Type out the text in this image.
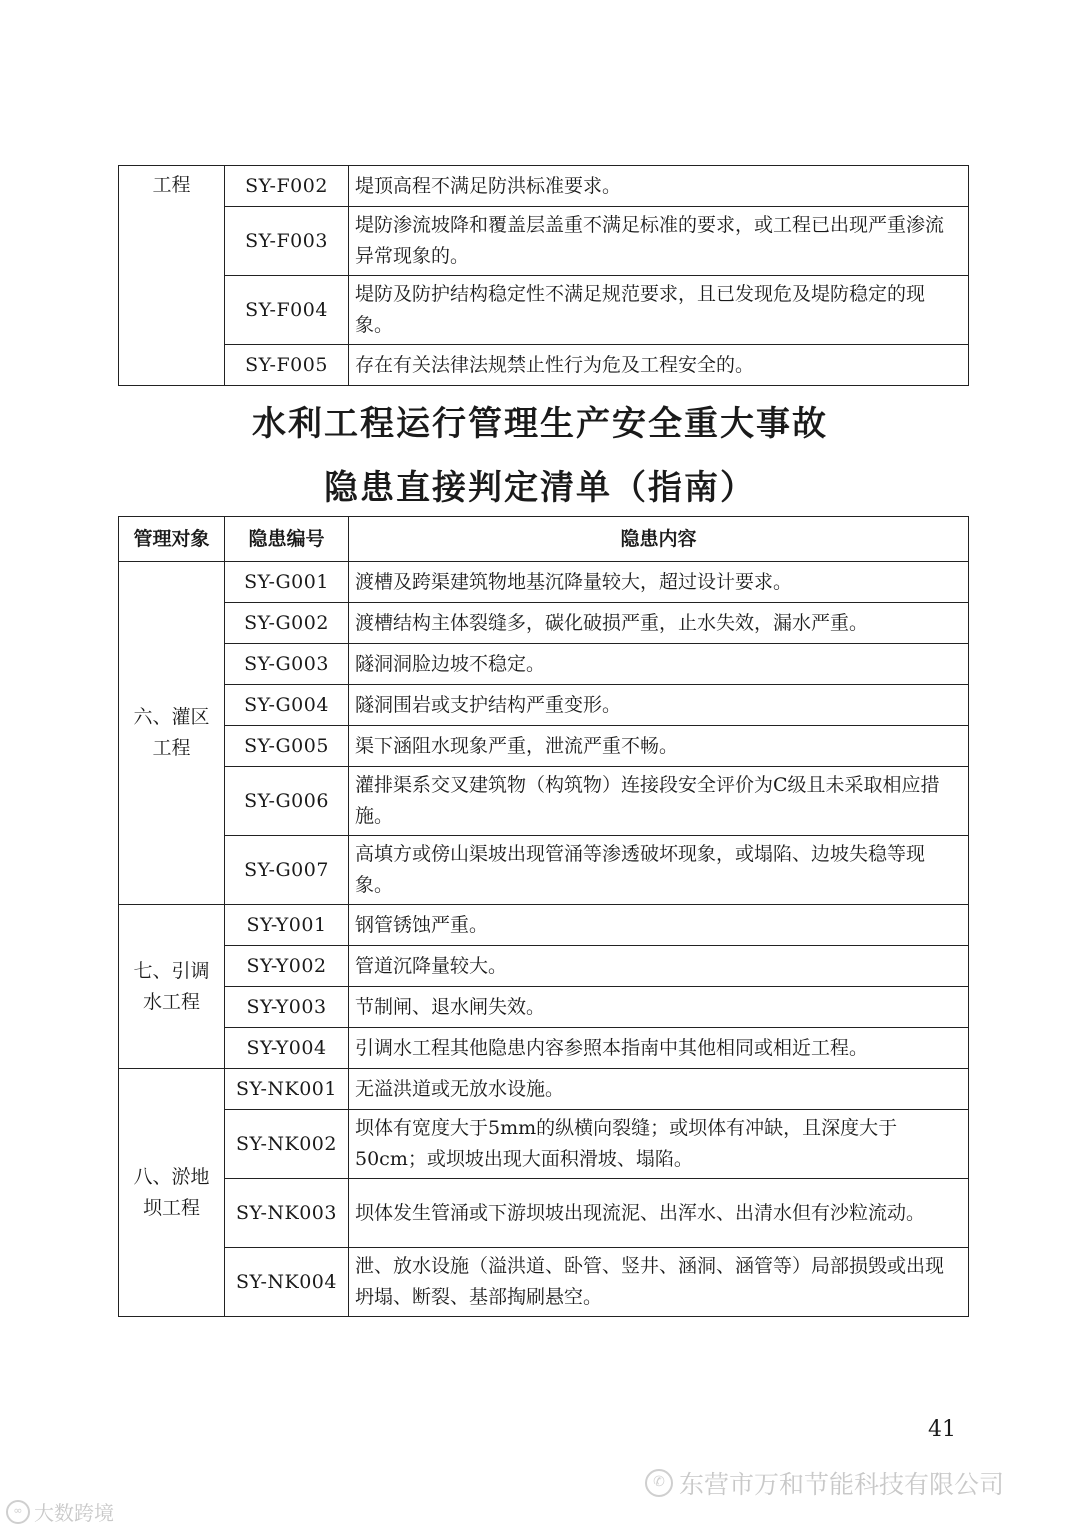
工程	SY-F002	堤顶高程不满足防洪标准要求。
	SY-F003	堤防渗流坡降和覆盖层盖重不满足标准的要求，或工程已出现严重渗流异常现象的。
	SY-F004	堤防及防护结构稳定性不满足规范要求，且已发现危及堤防稳定的现象。
	SY-F005	存在有关法律法规禁止性行为危及工程安全的。
水利工程运行管理生产安全重大事故
隐患直接判定清单（指南）
管理对象	隐患编号	隐患内容
六、灌区工程	SY-G001	渡槽及跨渠建筑物地基沉降量较大，超过设计要求。
	SY-G002	渡槽结构主体裂缝多，碳化破损严重，止水失效，漏水严重。
	SY-G003	隧洞洞脸边坡不稳定。
	SY-G004	隧洞围岩或支护结构严重变形。
	SY-G005	渠下涵阻水现象严重，泄流严重不畅。
	SY-G006	灌排渠系交叉建筑物（构筑物）连接段安全评价为C级且未采取相应措施。
	SY-G007	高填方或傍山渠坡出现管涌等渗透破坏现象，或塌陷、边坡失稳等现象。
七、引调水工程	SY-Y001	钢管锈蚀严重。
	SY-Y002	管道沉降量较大。
	SY-Y003	节制闸、退水闸失效。
	SY-Y004	引调水工程其他隐患内容参照本指南中其他相同或相近工程。
八、淤地坝工程	SY-NK001	无溢洪道或无放水设施。
	SY-NK002	坝体有宽度大于5mm的纵横向裂缝；或坝体有冲缺，且深度大于50cm；或坝坡出现大面积滑坡、塌陷。
	SY-NK003	坝体发生管涌或下游坝坡出现流泥、出浑水、出清水但有沙粒流动。
	SY-NK004	泄、放水设施（溢洪道、卧管、竖井、涵洞、涵管等）局部损毁或出现坍塌、断裂、基部掏刷悬空。
41
✆ 东营市万和节能科技有限公司
∞ 大数跨境
